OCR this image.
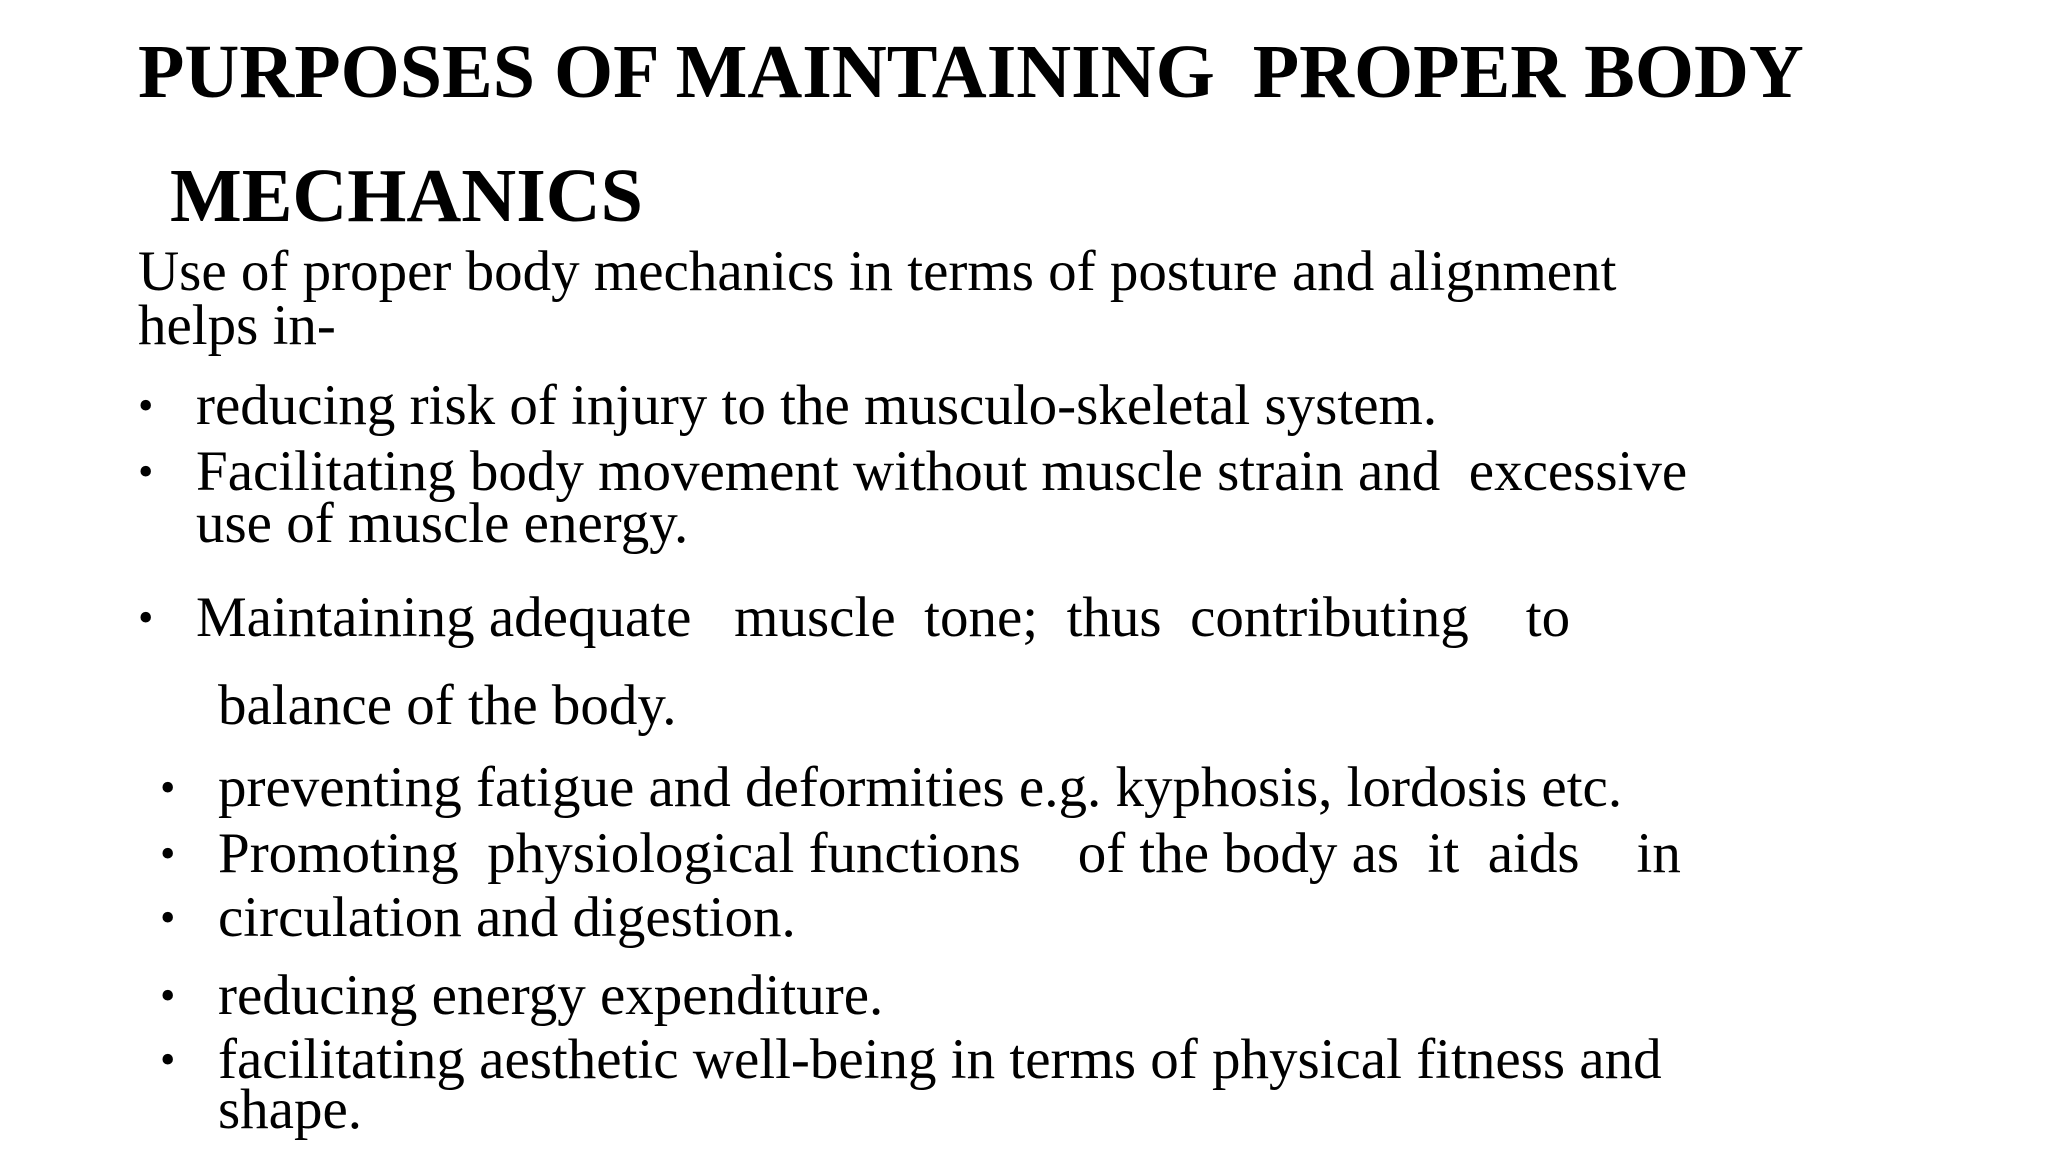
PURPOSES OF MAINTAINING  PROPER BODY
MECHANICS
Use of proper body mechanics in terms of posture and alignment
helps in-
• reducing risk of injury to the musculo-skeletal system.
• Facilitating body movement without muscle strain and  excessive
use of muscle energy.
• Maintaining adequate   muscle  tone;  thus  contributing    to
balance of the body.
• preventing fatigue and deformities e.g. kyphosis, lordosis etc.
• Promoting  physiological functions    of the body as  it  aids    in
• circulation and digestion.
• reducing energy expenditure.
• facilitating aesthetic well-being in terms of physical fitness and
shape.
